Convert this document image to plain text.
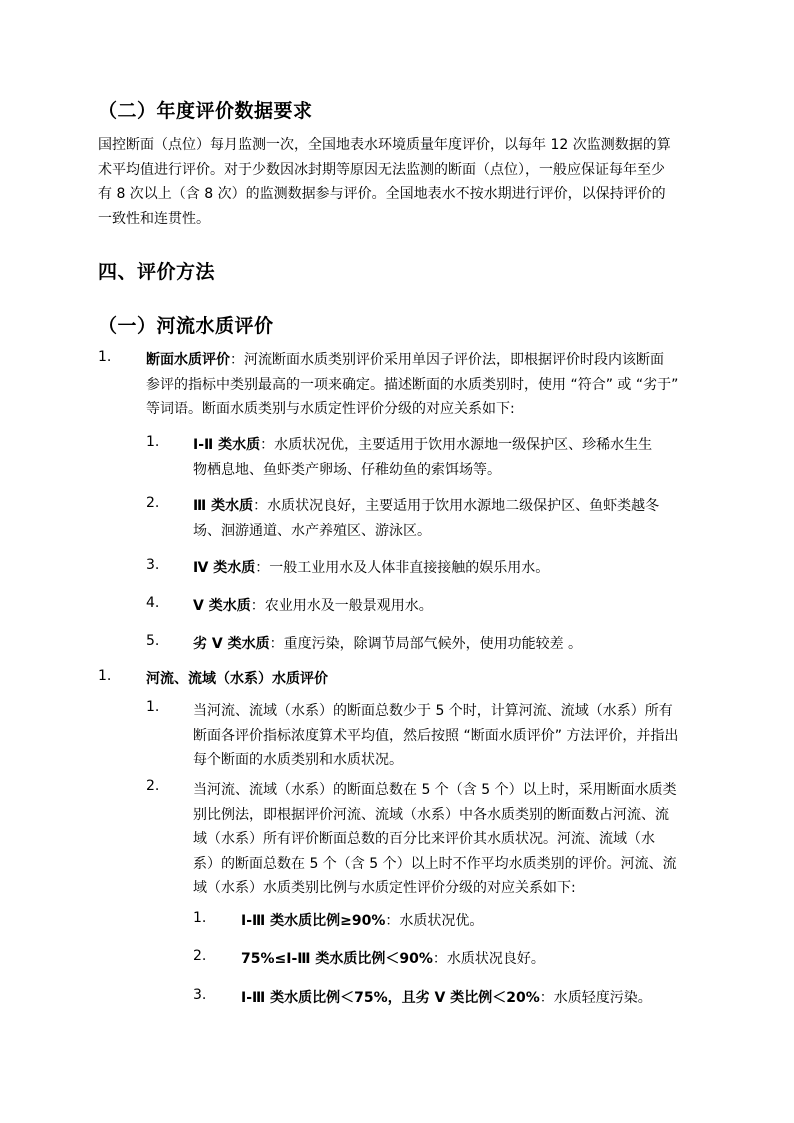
（二）年度评价数据要求
国控断面（点位）每月监测一次，全国地表水环境质量年度评价，以每年 12 次监测数据的算
术平均值进行评价。对于少数因冰封期等原因无法监测的断面（点位），一般应保证每年至少
有 8 次以上（含 8 次）的监测数据参与评价。全国地表水不按水期进行评价，以保持评价的
一致性和连贯性。
四、评价方法
（一）河流水质评价
1. 断面水质评价：河流断面水质类别评价采用单因子评价法，即根据评价时段内该断面
参评的指标中类别最高的一项来确定。描述断面的水质类别时，使用 “符合” 或 “劣于”
等词语。断面水质类别与水质定性评价分级的对应关系如下:
1. Ⅰ-Ⅱ 类水质：水质状况优，主要适用于饮用水源地一级保护区、珍稀水生生
物栖息地、鱼虾类产卵场、仔稚幼鱼的索饵场等。
2. Ⅲ 类水质：水质状况良好，主要适用于饮用水源地二级保护区、鱼虾类越冬
场、洄游通道、水产养殖区、游泳区。
3. Ⅳ 类水质：一般工业用水及人体非直接接触的娱乐用水。
4. Ⅴ 类水质：农业用水及一般景观用水。
5. 劣 Ⅴ 类水质：重度污染，除调节局部气候外，使用功能较差 。
1. 河流、流域（水系）水质评价
1. 当河流、流域（水系）的断面总数少于 5 个时，计算河流、流域（水系）所有
断面各评价指标浓度算术平均值，然后按照 “断面水质评价” 方法评价，并指出
每个断面的水质类别和水质状况。
2. 当河流、流域（水系）的断面总数在 5 个（含 5 个）以上时，采用断面水质类
别比例法，即根据评价河流、流域（水系）中各水质类别的断面数占河流、流
域（水系）所有评价断面总数的百分比来评价其水质状况。河流、流域（水
系）的断面总数在 5 个（含 5 个）以上时不作平均水质类别的评价。河流、流
域（水系）水质类别比例与水质定性评价分级的对应关系如下:
1. Ⅰ-Ⅲ 类水质比例≥90%：水质状况优。
2. 75%≤Ⅰ-Ⅲ 类水质比例＜90%：水质状况良好。
3. Ⅰ-Ⅲ 类水质比例＜75%，且劣 Ⅴ 类比例＜20%：水质轻度污染。
